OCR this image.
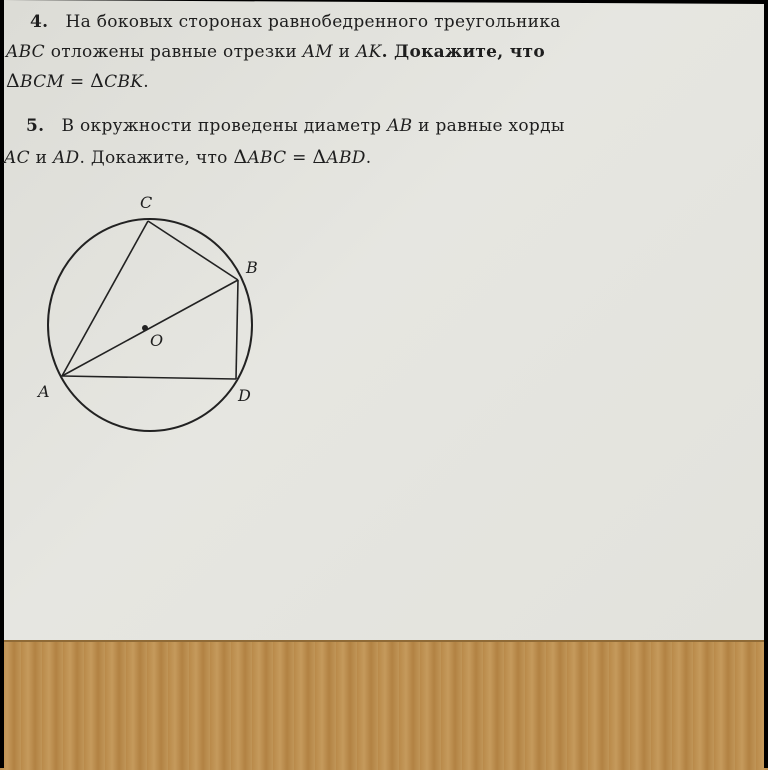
4. На боковых сторонах равнобедренного треугольника
ABC отложены равные отрезки AM и AK. Докажите, что
ΔBCM = ΔCBK.
5. В окружности проведены диаметр AB и равные хорды
AC и AD. Докажите, что ΔABC = ΔABD.
C
B
O
A	D
